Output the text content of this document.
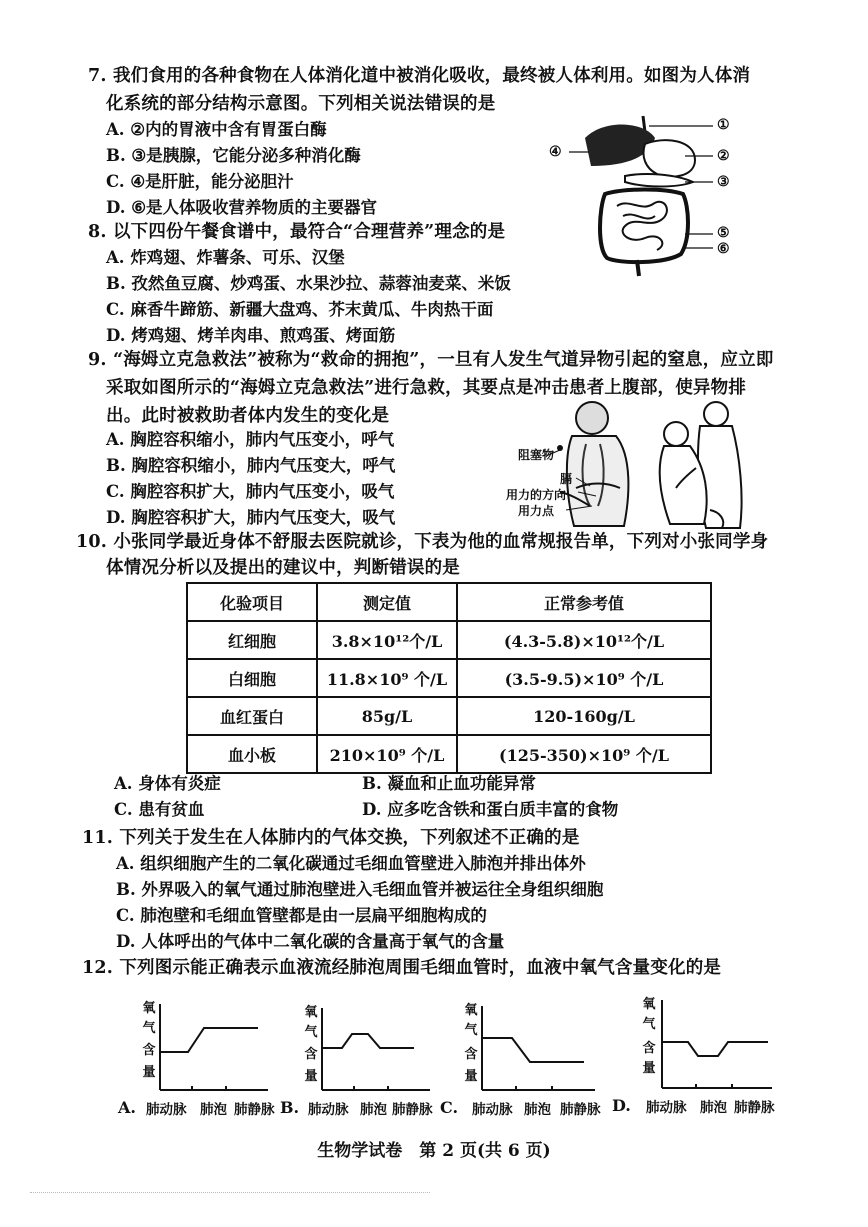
7. 我们食用的各种食物在人体消化道中被消化吸收，最终被人体利用。如图为人体消
化系统的部分结构示意图。下列相关说法错误的是
A. ②内的胃液中含有胃蛋白酶
B. ③是胰腺，它能分泌多种消化酶
C. ④是肝脏，能分泌胆汁
D. ⑥是人体吸收营养物质的主要器官
①
②
③
④
⑤
⑥
8. 以下四份午餐食谱中，最符合“合理营养”理念的是
A. 炸鸡翅、炸薯条、可乐、汉堡
B. 孜然鱼豆腐、炒鸡蛋、水果沙拉、蒜蓉油麦菜、米饭
C. 麻香牛蹄筋、新疆大盘鸡、芥末黄瓜、牛肉热干面
D. 烤鸡翅、烤羊肉串、煎鸡蛋、烤面筋
9. “海姆立克急救法”被称为“救命的拥抱”，一旦有人发生气道异物引起的窒息，应立即
采取如图所示的“海姆立克急救法”进行急救，其要点是冲击患者上腹部，使异物排
出。此时被救助者体内发生的变化是
A. 胸腔容积缩小，肺内气压变小，呼气
B. 胸腔容积缩小，肺内气压变大，呼气
C. 胸腔容积扩大，肺内气压变小，吸气
D. 胸腔容积扩大，肺内气压变大，吸气
阻塞物
膈
用力的方向
用力点
10. 小张同学最近身体不舒服去医院就诊，下表为他的血常规报告单，下列对小张同学身
体情况分析以及提出的建议中，判断错误的是
化验项目	测定值	正常参考值
红细胞	3.8×10¹²个/L	(4.3-5.8)×10¹²个/L
白细胞	11.8×10⁹ 个/L	(3.5-9.5)×10⁹ 个/L
血红蛋白	85g/L	120-160g/L
血小板	210×10⁹ 个/L	(125-350)×10⁹ 个/L
A. 身体有炎症	B. 凝血和止血功能异常
C. 患有贫血	D. 应多吃含铁和蛋白质丰富的食物
11. 下列关于发生在人体肺内的气体交换，下列叙述不正确的是
A. 组织细胞产生的二氧化碳通过毛细血管壁进入肺泡并排出体外
B. 外界吸入的氧气通过肺泡壁进入毛细血管并被运往全身组织细胞
C. 肺泡壁和毛细血管壁都是由一层扁平细胞构成的
D. 人体呼出的气体中二氧化碳的含量高于氧气的含量
12. 下列图示能正确表示血液流经肺泡周围毛细血管时，血液中氧气含量变化的是
A.
氧
气
含
量
肺动脉 肺泡 肺静脉 B.
氧
气
含
量
肺动脉 肺泡 肺静脉 C.
氧
气
含
量
肺动脉 肺泡 肺静脉 D.
氧
气
含
量
肺动脉 肺泡 肺静脉
生物学试卷　第 2 页(共 6 页)
